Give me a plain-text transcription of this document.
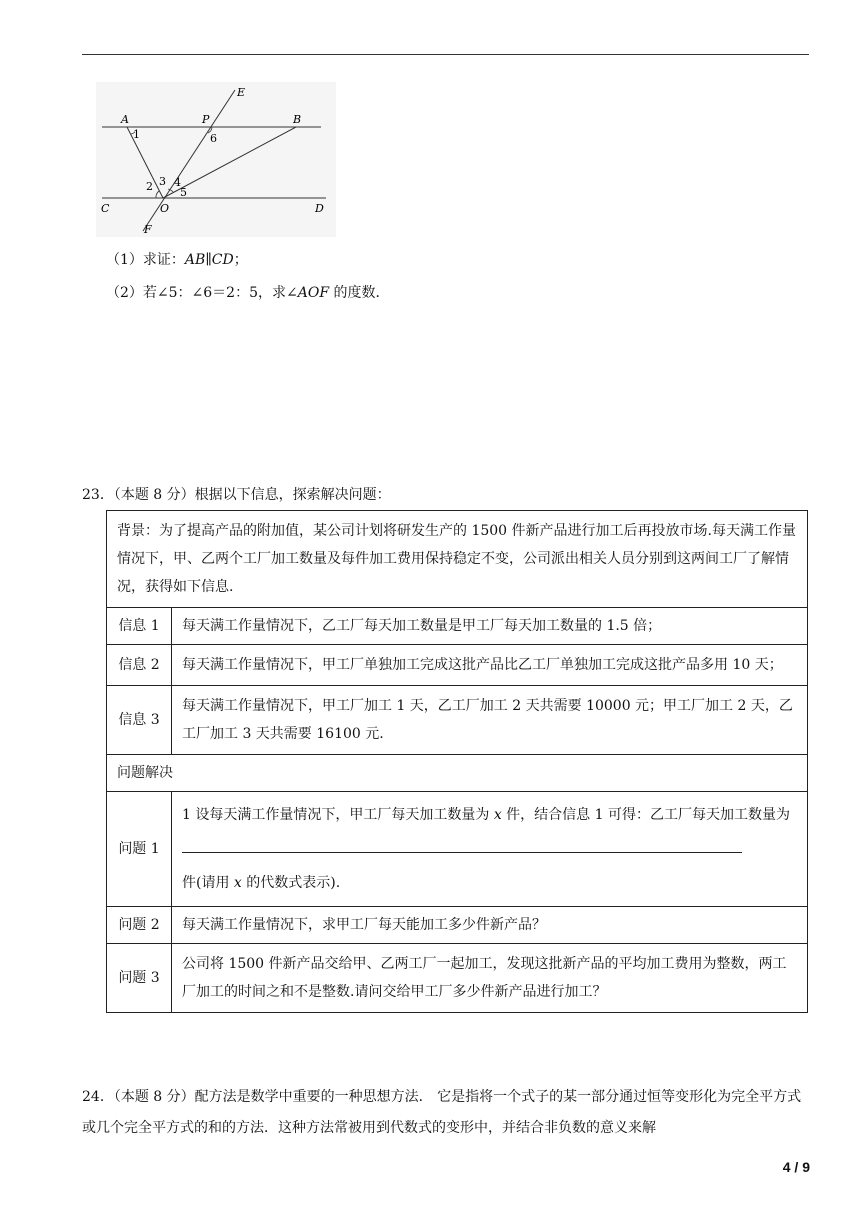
A	P	B
E
C	O	D
F
1
2 3 4
5
6
（1）求证：AB∥CD；
（2）若∠5：∠6＝2：5，求∠AOF 的度数．
23．（本题 8 分）根据以下信息，探索解决问题：
背景：为了提高产品的附加值，某公司计划将研发生产的 1500 件新产品进行加工后再投放市场.每天满工作量情况下，甲、乙两个工厂加工数量及每件加工费用保持稳定不变，公司派出相关人员分别到这两间工厂了解情况，获得如下信息.	
信息 1	每天满工作量情况下，乙工厂每天加工数量是甲工厂每天加工数量的 1.5 倍；
信息 2	每天满工作量情况下，甲工厂单独加工完成这批产品比乙工厂单独加工完成这批产品多用 10 天；
信息 3	每天满工作量情况下，甲工厂加工 1 天，乙工厂加工 2 天共需要 10000 元；甲工厂加工 2 天，乙工厂加工 3 天共需要 16100 元.
问题解决	
问题 1	1 设每天满工作量情况下，甲工厂每天加工数量为 x 件，结合信息 1 可得：乙工厂每天加工数量为
件(请用 x 的代数式表示).
问题 2	每天满工作量情况下，求甲工厂每天能加工多少件新产品？
问题 3	公司将 1500 件新产品交给甲、乙两工厂一起加工，发现这批新产品的平均加工费用为整数，两工厂加工的时间之和不是整数.请问交给甲工厂多少件新产品进行加工？
24．（本题 8 分）配方法是数学中重要的一种思想方法． 它是指将一个式子的某一部分通过恒等变形化为完全平方式或几个完全平方式的和的方法．这种方法常被用到代数式的变形中，并结合非负数的意义来解
4 / 9
